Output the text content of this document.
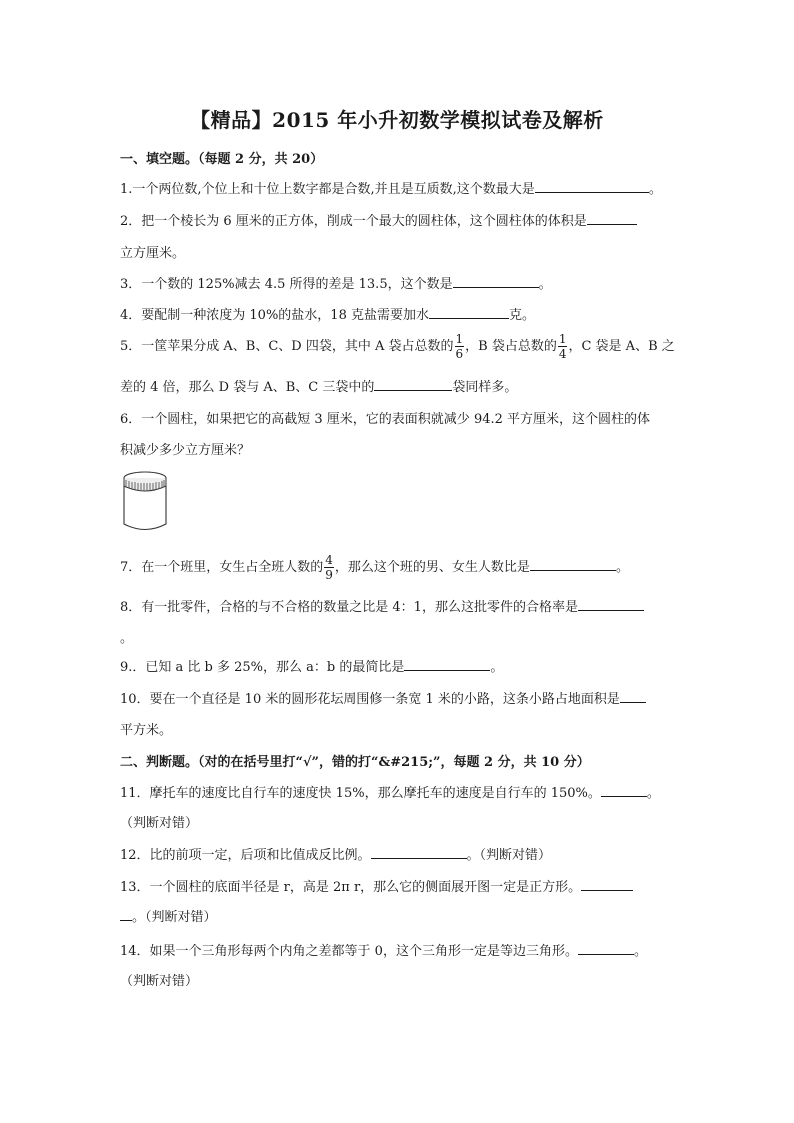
【精品】2015 年小升初数学模拟试卷及解析
一、填空题。（每题 2 分，共 20）
1.一个两位数,个位上和十位上数字都是合数,并且是互质数,这个数最大是	。
2．把一个棱长为 6 厘米的正方体，削成一个最大的圆柱体，这个圆柱体的体积是
立方厘米。
3．一个数的 125%减去 4.5 所得的差是 13.5，这个数是	。
4．要配制一种浓度为 10%的盐水，18 克盐需要加水	克。
5．一筐苹果分成 A、B、C、D 四袋，其中 A 袋占总数的 $\frac{1}{6}$ ，B 袋占总数的 $\frac{1}{4}$ ，C 袋是 A、B 之
差的 4 倍，那么 D 袋与 A、B、C 三袋中的	袋同样多。
6．一个圆柱，如果把它的高截短 3 厘米，它的表面积就减少 94.2 平方厘米，这个圆柱的体
积减少多少立方厘米？
7．在一个班里，女生占全班人数的 $\frac{4}{9}$ ，那么这个班的男、女生人数比是	。
8．有一批零件，合格的与不合格的数量之比是 4：1，那么这批零件的合格率是
。
9.．已知 a 比 b 多 25%，那么 a：b 的最简比是	。
10．要在一个直径是 10 米的圆形花坛周围修一条宽 1 米的小路，这条小路占地面积是
平方米。
二、判断题。（对的在括号里打“√”，错的打“&#215;”，每题 2 分，共 10 分）
11．摩托车的速度比自行车的速度快 15%，那么摩托车的速度是自行车的 150%。	。
（判断对错）
12．比的前项一定，后项和比值成反比例。	。（判断对错）
13．一个圆柱的底面半径是 r，高是 2π r，那么它的侧面展开图一定是正方形。
。（判断对错）
14．如果一个三角形每两个内角之差都等于 0，这个三角形一定是等边三角形。	。
（判断对错）
